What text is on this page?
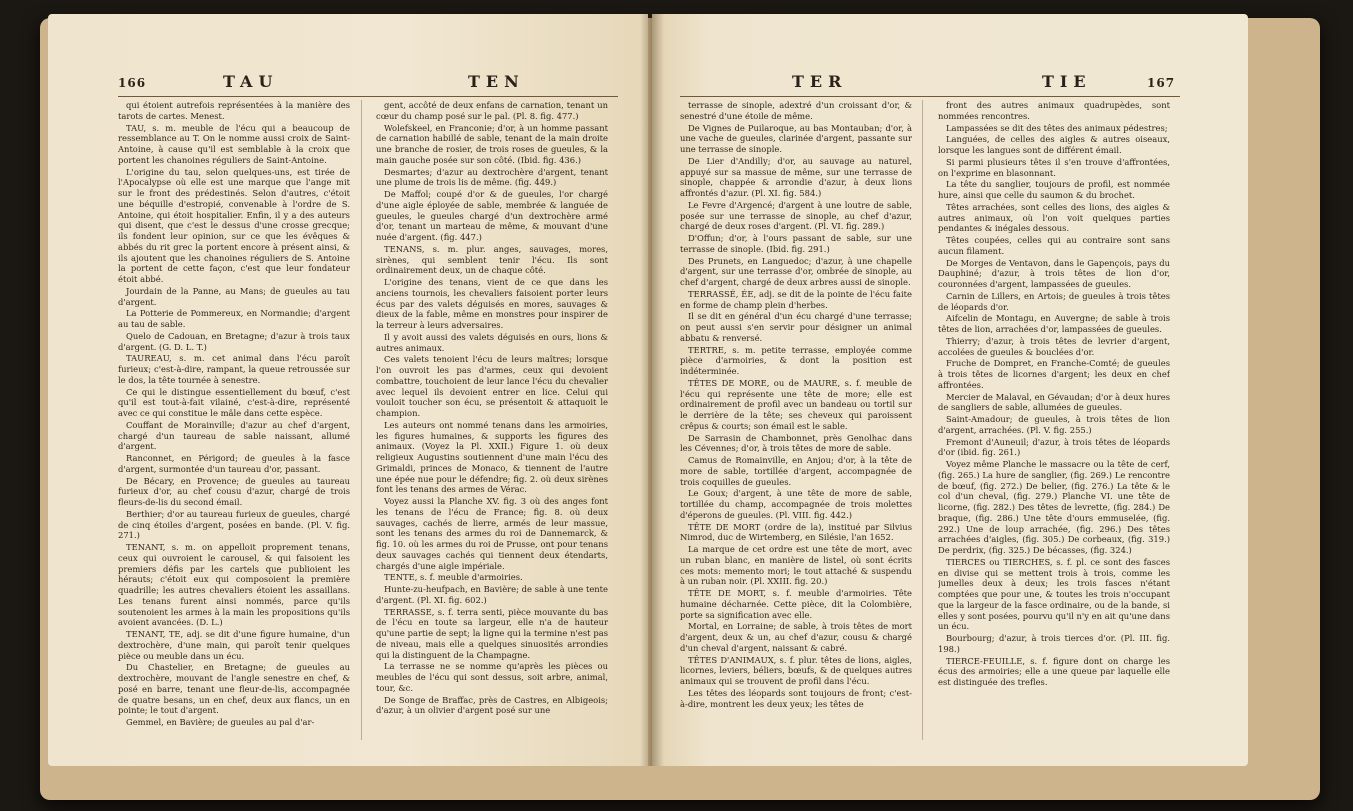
166	TAU	TEN

qui étoient autrefois représentées à la manière des tarots de cartes. Menest.

TAU, s. m. meuble de l'écu qui a beaucoup de ressemblance au T. On le nomme aussi croix de Saint-Antoine, à cause qu'il est semblable à la croix que portent les chanoines réguliers de Saint-Antoine.

L'origine du tau, selon quelques-uns, est tirée de l'Apocalypse où elle est une marque que l'ange mit sur le front des prédestinés. Selon d'autres, c'étoit une béquille d'estropié, convenable à l'ordre de S. Antoine, qui étoit hospitalier. Enfin, il y a des auteurs qui disent, que c'est le dessus d'une crosse grecque; ils fondent leur opinion, sur ce que les évêques & abbés du rit grec la portent encore à présent ainsi, & ils ajoutent que les chanoines réguliers de S. Antoine la portent de cette façon, c'est que leur fondateur étoit abbé.

Jourdain de la Panne, au Mans; de gueules au tau d'argent.

La Potterie de Pommereux, en Normandie; d'argent au tau de sable.

Quelo de Cadouan, en Bretagne; d'azur à trois taux d'argent. (G. D. L. T.)

TAUREAU, s. m. cet animal dans l'écu paroît furieux; c'est-à-dire, rampant, la queue retroussée sur le dos, la tête tournée à senestre.

Ce qui le distingue essentiellement du bœuf, c'est qu'il est tout-à-fait vilainé, c'est-à-dire, représenté avec ce qui constitue le mâle dans cette espèce.

Couffant de Morainville; d'azur au chef d'argent, chargé d'un taureau de sable naissant, allumé d'argent.

Ranconnet, en Périgord; de gueules à la fasce d'argent, surmontée d'un taureau d'or, passant.

De Bécary, en Provence; de gueules au taureau furieux d'or, au chef cousu d'azur, chargé de trois fleurs-de-lis du second émail.

Berthier; d'or au taureau furieux de gueules, chargé de cinq étoiles d'argent, posées en bande. (Pl. V. fig. 271.)

TENANT, s. m. on appelloit proprement tenans, ceux qui ouvroient le carousel, & qui faisoient les premiers défis par les cartels que publioient les hérauts; c'étoit eux qui composoient la première quadrille; les autres chevaliers étoient les assaillans. Les tenans furent ainsi nommés, parce qu'ils soutenoient les armes à la main les propositions qu'ils avoient avancées. (D. L.)

TENANT, TE, adj. se dit d'une figure humaine, d'un dextrochère, d'une main, qui paroît tenir quelques pièce ou meuble dans un écu.

Du Chastelier, en Bretagne; de gueules au dextrochère, mouvant de l'angle senestre en chef, & posé en barre, tenant une fleur-de-lis, accompagnée de quatre besans, un en chef, deux aux flancs, un en pointe; le tout d'argent.

Gemmel, en Bavière; de gueules au pal d'ar-

gent, accôté de deux enfans de carnation, tenant un cœur du champ posé sur le pal. (Pl. 8. fig. 477.)

Wolefskeel, en Franconie; d'or, à un homme passant de carnation habillé de sable, tenant de la main droite une branche de rosier, de trois roses de gueules, & la main gauche posée sur son côté. (Ibid. fig. 436.)

Desmartes; d'azur au dextrochère d'argent, tenant une plume de trois lis de même. (fig. 449.)

De Maffol; coupé d'or & de gueules, l'or chargé d'une aigle éployée de sable, membrée & languée de gueules, le gueules chargé d'un dextrochère armé d'or, tenant un marteau de même, & mouvant d'une nuée d'argent. (fig. 447.)

TENANS, s. m. plur. anges, sauvages, mores, sirènes, qui semblent tenir l'écu. Ils sont ordinairement deux, un de chaque côté.

L'origine des tenans, vient de ce que dans les anciens tournois, les chevaliers faisoient porter leurs écus par des valets déguisés en mores, sauvages & dieux de la fable, même en monstres pour inspirer de la terreur à leurs adversaires.

Il y avoit aussi des valets déguisés en ours, lions & autres animaux.

Ces valets tenoient l'écu de leurs maîtres; lorsque l'on ouvroit les pas d'armes, ceux qui devoient combattre, touchoient de leur lance l'écu du chevalier avec lequel ils devoient entrer en lice. Celui qui vouloit toucher son écu, se présentoit & attaquoit le champion.

Les auteurs ont nommé tenans dans les armoiries, les figures humaines, & supports les figures des animaux. (Voyez la Pl. XXII.) Figure 1. où deux religieux Augustins soutiennent d'une main l'écu des Grimaldi, princes de Monaco, & tiennent de l'autre une épée nue pour le défendre; fig. 2. où deux sirènes font les tenans des armes de Vérac.

Voyez aussi la Planche XV. fig. 3 où des anges font les tenans de l'écu de France; fig. 8. où deux sauvages, cachés de lierre, armés de leur massue, sont les tenans des armes du roi de Dannemarck, & fig. 10. où les armes du roi de Prusse, ont pour tenans deux sauvages cachés qui tiennent deux étendarts, chargés d'une aigle impériale.

TENTE, s. f. meuble d'armoiries.

Hunte-zu-heufpach, en Bavière; de sable à une tente d'argent. (Pl. XI. fig. 602.)

TERRASSE, s. f. terra senti, pièce mouvante du bas de l'écu en toute sa largeur, elle n'a de hauteur qu'une partie de sept; la ligne qui la termine n'est pas de niveau, mais elle a quelques sinuosités arrondies qui la distinguent de la Champagne.

La terrasse ne se nomme qu'après les pièces ou meubles de l'écu qui sont dessus, soit arbre, animal, tour, &c.

De Songe de Braffac, près de Castres, en Albigeois; d'azur, à un olivier d'argent posé sur une

TER	TIE	167

terrasse de sinople, adextré d'un croissant d'or, & senestré d'une étoile de même.

De Vignes de Puilaroque, au bas Montauban; d'or, à une vache de gueules, clarinée d'argent, passante sur une terrasse de sinople.

De Lier d'Andilly; d'or, au sauvage au naturel, appuyé sur sa massue de même, sur une terrasse de sinople, chappée & arrondie d'azur, à deux lions affrontés d'azur. (Pl. XI. fig. 584.)

Le Fevre d'Argencé; d'argent à une loutre de sable, posée sur une terrasse de sinople, au chef d'azur, chargé de deux roses d'argent. (Pl. VI. fig. 289.)

D'Offun; d'or, à l'ours passant de sable, sur une terrasse de sinople. (Ibid. fig. 291.)

Des Prunets, en Languedoc; d'azur, à une chapelle d'argent, sur une terrasse d'or, ombrée de sinople, au chef d'argent, chargé de deux arbres aussi de sinople.

TERRASSÉ, ÉE, adj. se dit de la pointe de l'écu faite en forme de champ plein d'herbes.

Il se dit en général d'un écu chargé d'une terrasse; on peut aussi s'en servir pour désigner un animal abbatu & renversé.

TERTRE, s. m. petite terrasse, employée comme pièce d'armoiries, & dont la position est indéterminée.

TÊTES DE MORE, ou de MAURE, s. f. meuble de l'écu qui représente une tête de more; elle est ordinairement de profil avec un bandeau ou tortil sur le derrière de la tête; ses cheveux qui paroissent crêpus & courts; son émail est le sable.

De Sarrasin de Chambonnet, près Genolhac dans les Cévennes; d'or, à trois têtes de more de sable.

Camus de Romainville, en Anjou; d'or, à la tête de more de sable, tortillée d'argent, accompagnée de trois coquilles de gueules.

Le Goux; d'argent, à une tête de more de sable, tortillée du champ, accompagnée de trois molettes d'éperons de gueules. (Pl. VIII. fig. 442.)

TÊTE DE MORT (ordre de la), institué par Silvius Nimrod, duc de Wirtemberg, en Silésie, l'an 1652.

La marque de cet ordre est une tête de mort, avec un ruban blanc, en manière de listel, où sont écrits ces mots: memento mori; le tout attaché & suspendu à un ruban noir. (Pl. XXIII. fig. 20.)

TÊTE DE MORT, s. f. meuble d'armoiries. Tête humaine décharnée. Cette pièce, dit la Colombière, porte sa signification avec elle.

Mortal, en Lorraine; de sable, à trois têtes de mort d'argent, deux & un, au chef d'azur, cousu & chargé d'un cheval d'argent, naissant & cabré.

TÊTES D'ANIMAUX, s. f. plur. têtes de lions, aigles, licornes, leviers, béliers, bœufs, & de quelques autres animaux qui se trouvent de profil dans l'écu.

Les têtes des léopards sont toujours de front; c'est-à-dire, montrent les deux yeux; les têtes de

front des autres animaux quadrupèdes, sont nommées rencontres.

Lampassées se dit des têtes des animaux pédestres;

Languées, de celles des aigles & autres oiseaux, lorsque les langues sont de différent émail.

Si parmi plusieurs têtes il s'en trouve d'affrontées, on l'exprime en blasonnant.

La tête du sanglier, toujours de profil, est nommée hure, ainsi que celle du saumon & du brochet.

Têtes arrachées, sont celles des lions, des aigles & autres animaux, où l'on voit quelques parties pendantes & inégales dessous.

Têtes coupées, celles qui au contraire sont sans aucun filament.

De Morges de Ventavon, dans le Gapençois, pays du Dauphiné; d'azur, à trois têtes de lion d'or, couronnées d'argent, lampassées de gueules.

Carnin de Lillers, en Artois; de gueules à trois têtes de léopards d'or.

Aifcelin de Montagu, en Auvergne; de sable à trois têtes de lion, arrachées d'or, lampassées de gueules.

Thierry; d'azur, à trois têtes de levrier d'argent, accolées de gueules & bouclées d'or.

Fruche de Dompret, en Franche-Comté; de gueules à trois têtes de licornes d'argent; les deux en chef affrontées.

Mercier de Malaval, en Gévaudan; d'or à deux hures de sangliers de sable, allumées de gueules.

Saint-Amadour; de gueules, à trois têtes de lion d'argent, arrachées. (Pl. V. fig. 255.)

Fremont d'Auneuil; d'azur, à trois têtes de léopards d'or (ibid. fig. 261.)

Voyez même Planche le massacre ou la tête de cerf, (fig. 265.) La hure de sanglier, (fig. 269.) Le rencontre de bœuf, (fig. 272.) De belier, (fig. 276.) La tête & le col d'un cheval, (fig. 279.) Planche VI. une tête de licorne, (fig. 282.) Des têtes de levrette, (fig. 284.) De braque, (fig. 286.) Une tête d'ours emmuselée, (fig. 292.) Une de loup arrachée, (fig. 296.) Des têtes arrachées d'aigles, (fig. 305.) De corbeaux, (fig. 319.) De perdrix, (fig. 325.) De bécasses, (fig. 324.)

TIERCES ou TIERCHES, s. f. pl. ce sont des fasces en divise qui se mettent trois à trois, comme les jumelles deux à deux; les trois fasces n'étant comptées que pour une, & toutes les trois n'occupant que la largeur de la fasce ordinaire, ou de la bande, si elles y sont posées, pourvu qu'il n'y en ait qu'une dans un écu.

Bourbourg; d'azur, à trois tierces d'or. (Pl. III. fig. 198.)

TIERCE-FEUILLE, s. f. figure dont on charge les écus des armoiries; elle a une queue par laquelle elle est distinguée des trefles.
